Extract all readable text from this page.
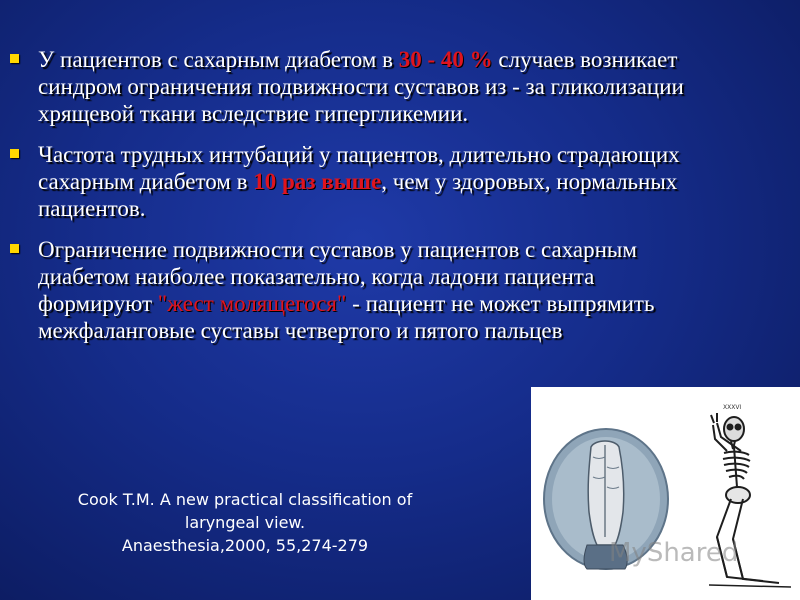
У пациентов с сахарным диабетом в 30 - 40 % случаев возникает синдром ограничения подвижности суставов из - за гликолизации хрящевой ткани вследствие гипергликемии.
Частота трудных интубаций у пациентов, длительно страдающих сахарным диабетом в 10 раз выше, чем у здоровых, нормальных пациентов.
Ограничение подвижности суставов у пациентов с сахарным диабетом наиболее показательно, когда ладони пациента формируют "жест молящегося" - пациент не может выпрямить межфаланговые суставы четвертого и пятого пальцев
Cook T.M. A new practical classification of
laryngeal view.
Anaesthesia,2000, 55,274-279
XXXVI
MyShared
